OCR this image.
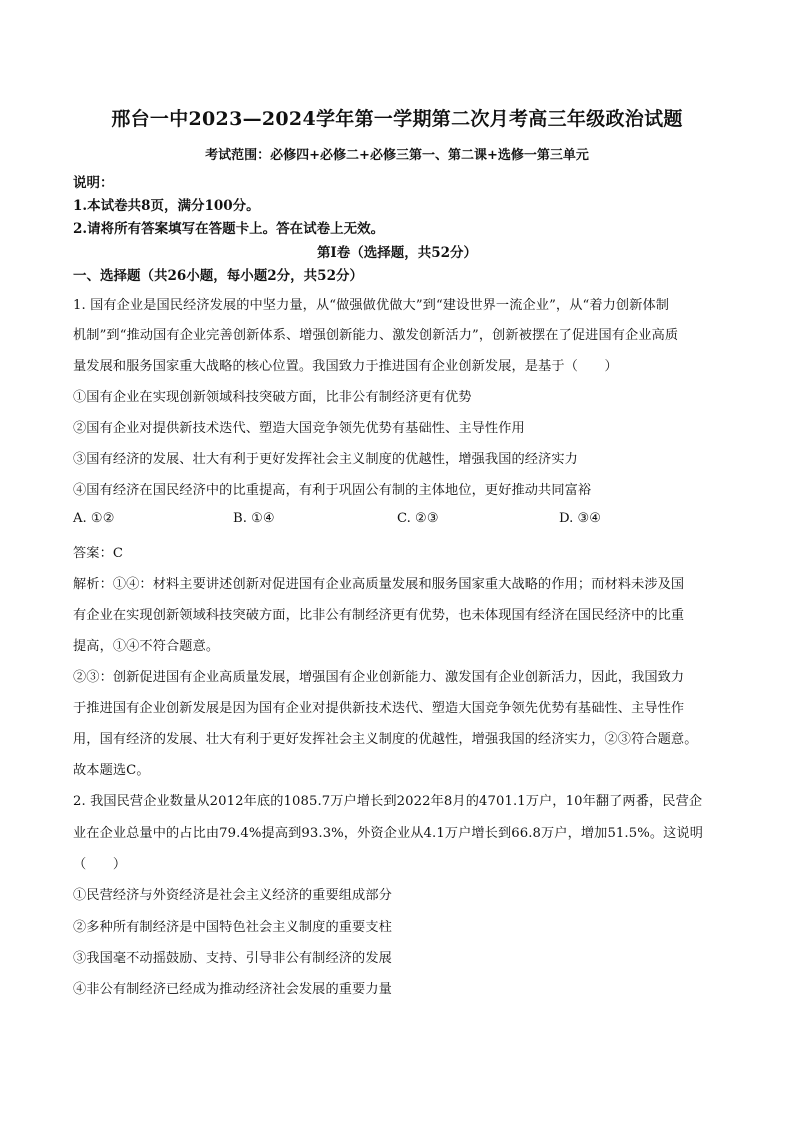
邢台一中2023—2024学年第一学期第二次月考高三年级政治试题
考试范围：必修四+必修二+必修三第一、第二课+选修一第三单元
说明：
1.本试卷共8页，满分100分。
2.请将所有答案填写在答题卡上。答在试卷上无效。
第Ⅰ卷（选择题，共52分）
一、选择题（共26小题，每小题2分，共52分）
1. 国有企业是国民经济发展的中坚力量，从“做强做优做大”到“建设世界一流企业”，从“着力创新体制
机制”到“推动国有企业完善创新体系、增强创新能力、激发创新活力”，创新被摆在了促进国有企业高质
量发展和服务国家重大战略的核心位置。我国致力于推进国有企业创新发展，是基于（　　）
①国有企业在实现创新领域科技突破方面，比非公有制经济更有优势
②国有企业对提供新技术迭代、塑造大国竞争领先优势有基础性、主导性作用
③国有经济的发展、壮大有利于更好发挥社会主义制度的优越性，增强我国的经济实力
④国有经济在国民经济中的比重提高，有利于巩固公有制的主体地位，更好推动共同富裕
A. ①②	B. ①④	C. ②③	D. ③④
答案：C
解析：①④：材料主要讲述创新对促进国有企业高质量发展和服务国家重大战略的作用；而材料未涉及国
有企业在实现创新领域科技突破方面，比非公有制经济更有优势，也未体现国有经济在国民经济中的比重
提高，①④不符合题意。
②③：创新促进国有企业高质量发展，增强国有企业创新能力、激发国有企业创新活力，因此，我国致力
于推进国有企业创新发展是因为国有企业对提供新技术迭代、塑造大国竞争领先优势有基础性、主导性作
用，国有经济的发展、壮大有利于更好发挥社会主义制度的优越性，增强我国的经济实力，②③符合题意。
故本题选C。
2. 我国民营企业数量从2012年底的1085.7万户增长到2022年8月的4701.1万户，10年翻了两番，民营企
业在企业总量中的占比由79.4%提高到93.3%，外资企业从4.1万户增长到66.8万户，增加51.5%。这说明
（　　）
①民营经济与外资经济是社会主义经济的重要组成部分
②多种所有制经济是中国特色社会主义制度的重要支柱
③我国毫不动摇鼓励、支持、引导非公有制经济的发展
④非公有制经济已经成为推动经济社会发展的重要力量
